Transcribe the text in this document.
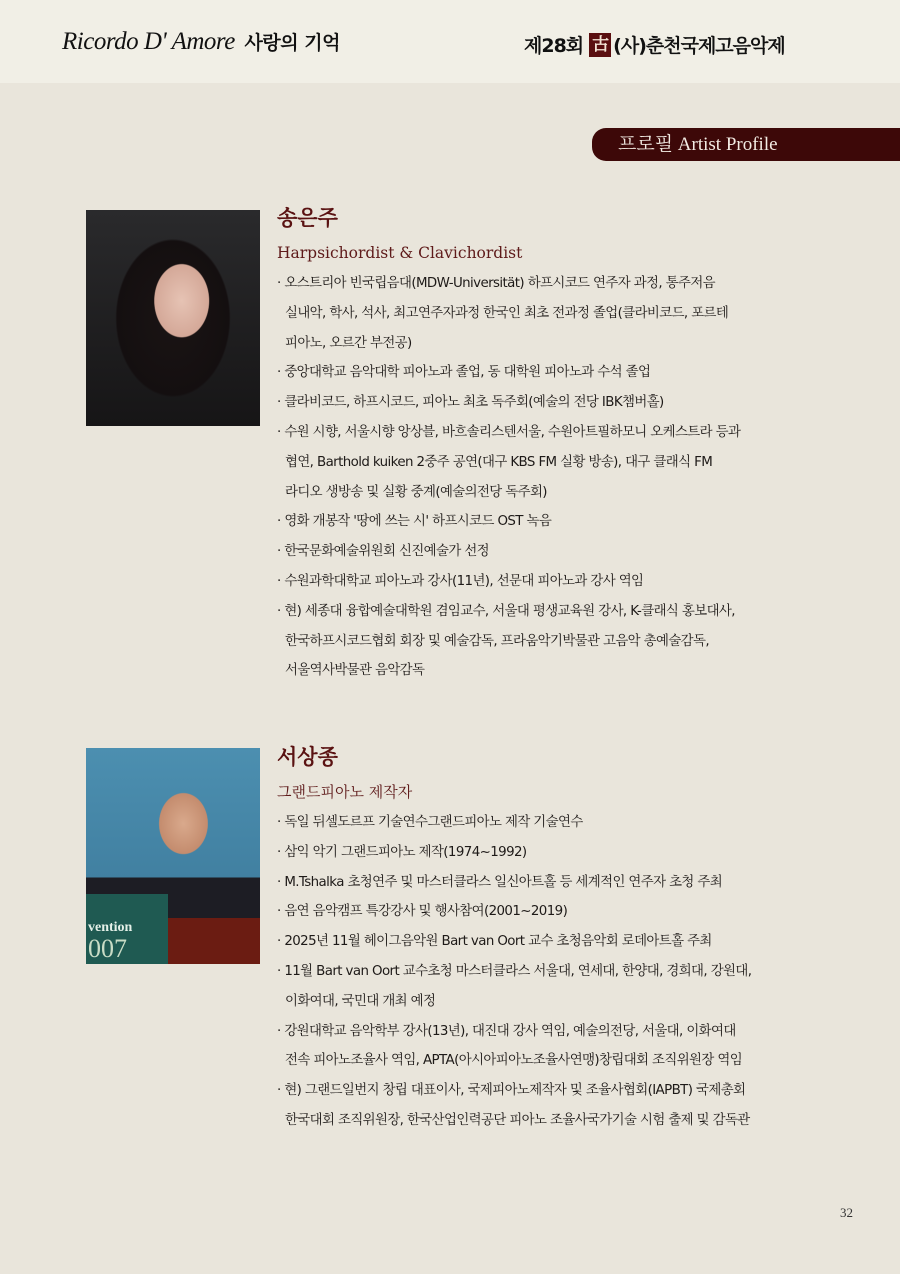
Ricordo D' Amore 사랑의 기억	제28회 古 (사)춘천국제고음악제
프로필 Artist Profile
vention
007
송은주
Harpsichordist & Clavichordist
· 오스트리아 빈국립음대(MDW-Universität) 하프시코드 연주자 과정, 통주저음
실내악, 학사, 석사, 최고연주자과정 한국인 최초 전과정 졸업(클라비코드, 포르테
피아노, 오르간 부전공)
· 중앙대학교 음악대학 피아노과 졸업, 동 대학원 피아노과 수석 졸업
· 클라비코드, 하프시코드, 피아노 최초 독주회(예술의 전당 IBK챔버홀)
· 수원 시향, 서울시향 앙상블, 바흐솔리스텐서울, 수원아트필하모니 오케스트라 등과
협연, Barthold kuiken 2중주 공연(대구 KBS FM 실황 방송), 대구 클래식 FM
라디오 생방송 및 실황 중계(예술의전당 독주회)
· 영화 개봉작 '땅에 쓰는 시' 하프시코드 OST 녹음
· 한국문화예술위원회 신진예술가 선정
· 수원과학대학교 피아노과 강사(11년), 선문대 피아노과 강사 역임
· 현) 세종대 융합예술대학원 겸임교수, 서울대 평생교육원 강사, K-클래식 홍보대사,
한국하프시코드협회 회장 및 예술감독, 프라움악기박물관 고음악 총예술감독,
서울역사박물관 음악감독
서상종
그랜드피아노 제작자
· 독일 뒤셀도르프 기술연수그랜드피아노 제작 기술연수
· 삼익 악기 그랜드피아노 제작(1974~1992)
· M.Tshalka 초청연주 및 마스터클라스 일신아트홀 등 세계적인 연주자 초청 주최
· 음연 음악캠프 특강강사 및 행사참여(2001~2019)
· 2025년 11월 헤이그음악원 Bart van Oort 교수 초청음악회 로데아트홀 주최
· 11월 Bart van Oort 교수초청 마스터클라스 서울대, 연세대, 한양대, 경희대, 강원대,
이화여대, 국민대 개최 예정
· 강원대학교 음악학부 강사(13년), 대진대 강사 역임, 예술의전당, 서울대, 이화여대
전속 피아노조율사 역임, APTA(아시아피아노조율사연맹)창립대회 조직위원장 역임
· 현) 그랜드일번지 창립 대표이사, 국제피아노제작자 및 조율사협회(IAPBT) 국제총회
한국대회 조직위원장, 한국산업인력공단 피아노 조율사국가기술 시험 출제 및 감독관
32
